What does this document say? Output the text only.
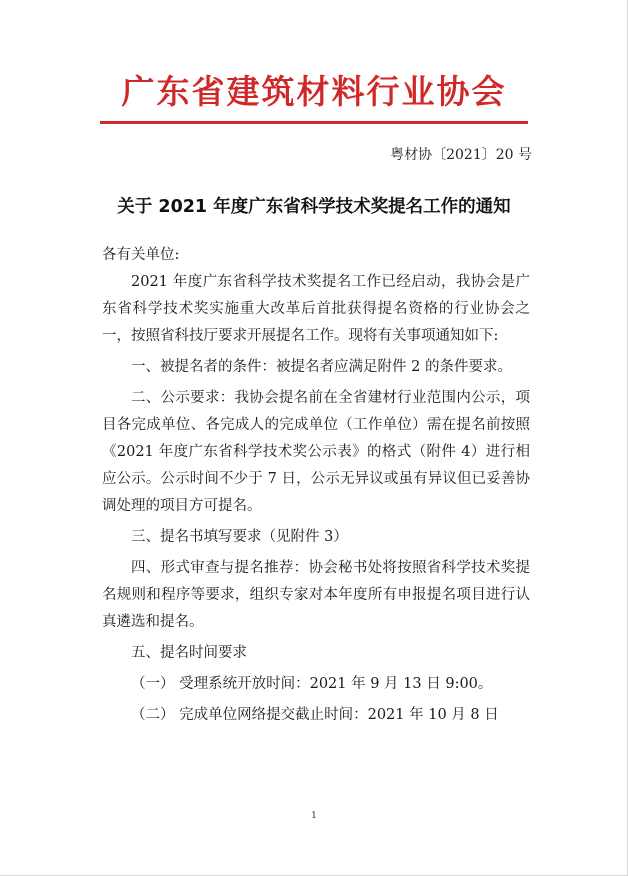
广东省建筑材料行业协会
粤材协〔2021〕20 号
关于 2021 年度广东省科学技术奖提名工作的通知

各有关单位:

2021 年度广东省科学技术奖提名工作已经启动，我协会是广东省科学技术奖实施重大改革后首批获得提名资格的行业协会之一，按照省科技厅要求开展提名工作。现将有关事项通知如下:

一、被提名者的条件：被提名者应满足附件 2 的条件要求。

二、公示要求：我协会提名前在全省建材行业范围内公示，项目各完成单位、各完成人的完成单位（工作单位）需在提名前按照《2021 年度广东省科学技术奖公示表》的格式（附件 4）进行相应公示。公示时间不少于 7 日，公示无异议或虽有异议但已妥善协调处理的项目方可提名。

三、提名书填写要求（见附件 3）

四、形式审查与提名推荐：协会秘书处将按照省科学技术奖提名规则和程序等要求，组织专家对本年度所有申报提名项目进行认真遴选和提名。

五、提名时间要求

（一） 受理系统开放时间：2021 年 9 月 13 日 9:00。

（二） 完成单位网络提交截止时间：2021 年 10 月 8 日

1
